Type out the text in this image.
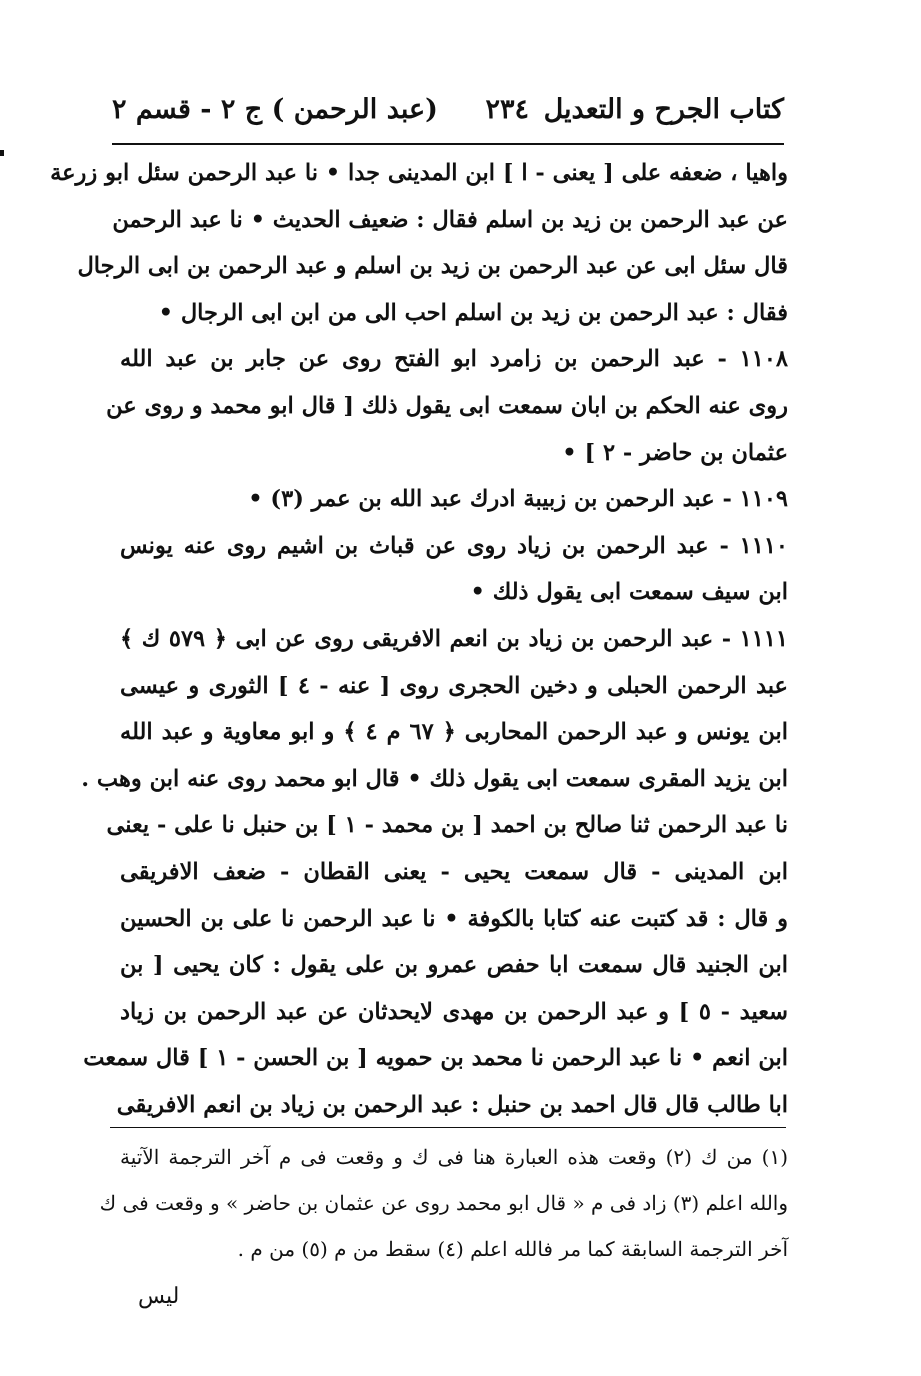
كتاب الجرح و التعديل
٢٣٤
(عبد الرحمن ) ج ٢ - قسم ٢
واهيا ، ضعفه على [ يعنى - ا ] ابن المدينى جدا • نا عبد الرحمن سئل ابو زرعة
عن عبد الرحمن بن زيد بن اسلم فقال : ضعيف الحديث • نا عبد الرحمن
قال سئل ابى عن عبد الرحمن بن زيد بن اسلم و عبد الرحمن بن ابى الرجال
فقال : عبد الرحمن بن زيد بن اسلم احب الى من ابن ابى الرجال •
١١٠٨ - عبد الرحمن بن زامرد ابو الفتح روى عن جابر بن عبد الله
روى عنه الحكم بن ابان سمعت ابى يقول ذلك [ قال ابو محمد و روى عن
عثمان بن حاضر - ٢ ] •
١١٠٩ - عبد الرحمن بن زبيبة ادرك عبد الله بن عمر (٣) •
١١١٠ - عبد الرحمن بن زياد روى عن قباث بن اشيم روى عنه يونس
ابن سيف سمعت ابى يقول ذلك •
١١١١ - عبد الرحمن بن زياد بن انعم الافريقى روى عن ابى ﴿ ٥٧٩ ك ﴾
عبد الرحمن الحبلى و دخين الحجرى روى [ عنه - ٤ ] الثورى و عيسى
ابن يونس و عبد الرحمن المحاربى ﴿ ٦٧ م ٤ ﴾ و ابو معاوية و عبد الله
ابن يزيد المقرى سمعت ابى يقول ذلك • قال ابو محمد روى عنه ابن وهب .
نا عبد الرحمن ثنا صالح بن احمد [ بن محمد - ١ ] بن حنبل نا على - يعنى
ابن المدينى - قال سمعت يحيى - يعنى القطان - ضعف الافريقى
و قال : قد كتبت عنه كتابا بالكوفة • نا عبد الرحمن نا على بن الحسين
ابن الجنيد قال سمعت ابا حفص عمرو بن على يقول : كان يحيى [ بن
سعيد - ٥ ] و عبد الرحمن بن مهدى لايحدثان عن عبد الرحمن بن زياد
ابن انعم • نا عبد الرحمن نا محمد بن حمويه [ بن الحسن - ١ ] قال سمعت
ابا طالب قال قال احمد بن حنبل : عبد الرحمن بن زياد بن انعم الافريقى
(١) من ك (٢) وقعت هذه العبارة هنا فى ك و وقعت فى م آخر الترجمة الآتية
والله اعلم (٣) زاد فى م « قال ابو محمد روى عن عثمان بن حاضر » و وقعت فى ك
آخر الترجمة السابقة كما مر فالله اعلم (٤) سقط من م (٥) من م .
ليس
